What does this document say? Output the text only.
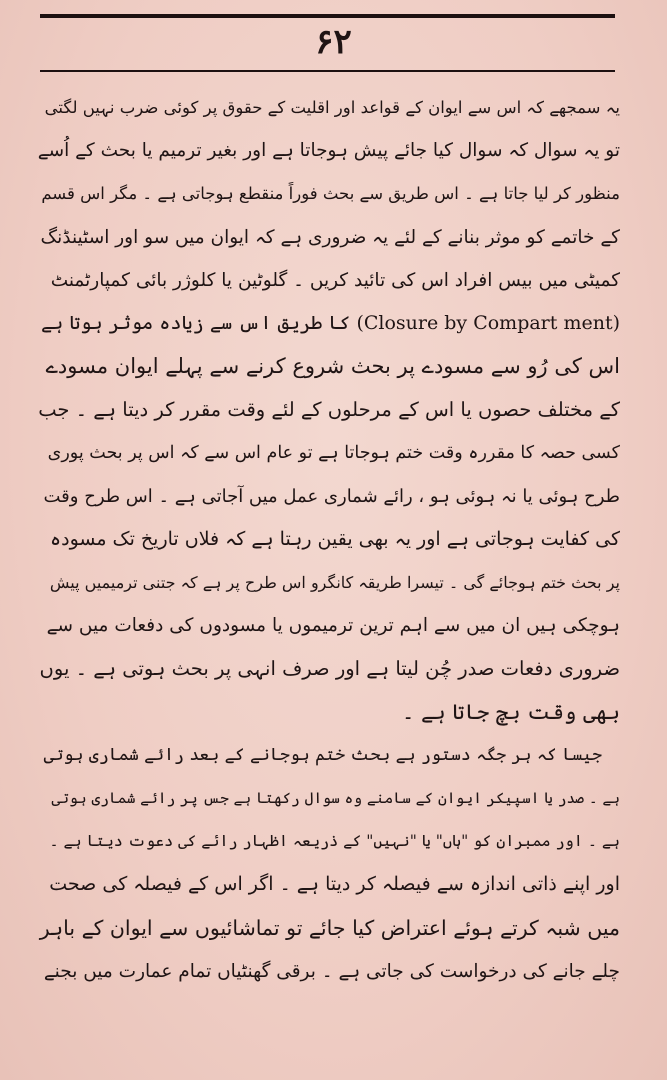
۶۲
یہ سمجھے کہ اس سے ایوان کے قواعد اور اقلیت کے حقوق پر کوئی ضرب نہیں لگتی
تو یہ سوال کہ سوال کیا جائے پیش ہوجاتا ہے اور بغیر ترمیم یا بحث کے اُسے
منظور کر لیا جاتا ہے ۔ اس طریق سے بحث فوراً منقطع ہوجاتی ہے ۔ مگر اس قسم
کے خاتمے کو موثر بنانے کے لئے یہ ضروری ہے کہ ایوان میں سو اور اسٹینڈنگ
کمیٹی میں بیس افراد اس کی تائید کریں ۔ گلوٹین یا کلوژر بائی کمپارٹمنٹ
(Closure by Compart ment) کا طریق اس سے زیادہ موثر ہوتا ہے
اس کی رُو سے مسودے پر بحث شروع کرنے سے پہلے ایوان مسودے
کے مختلف حصوں یا اس کے مرحلوں کے لئے وقت مقرر کر دیتا ہے ۔ جب
کسی حصہ کا مقررہ وقت ختم ہوجاتا ہے تو عام اس سے کہ اس پر بحث پوری
طرح ہوئی یا نہ ہوئی ہو ، رائے شماری عمل میں آجاتی ہے ۔ اس طرح وقت
کی کفایت ہوجاتی ہے اور یہ بھی یقین رہتا ہے کہ فلاں تاریخ تک مسودہ
پر بحث ختم ہوجائے گی ۔ تیسرا طریقہ کانگرو اس طرح پر ہے کہ جتنی ترمیمیں پیش
ہوچکی ہیں ان میں سے اہم ترین ترمیموں یا مسودوں کی دفعات میں سے
ضروری دفعات صدر چُن لیتا ہے اور صرف انہی پر بحث ہوتی ہے ۔ یوں
بھی وقت بچ جاتا ہے ۔
جیسا کہ ہر جگہ دستور ہے بحث ختم ہوجانے کے بعد رائے شماری ہوتی
ہے ۔ صدر یا اسپیکر ایوان کے سامنے وہ سوال رکھتا ہے جس پر رائے شماری ہوتی
ہے ۔ اور ممبران کو "ہاں" یا "نہیں" کے ذریعہ اظہار رائے کی دعوت دیتا ہے ۔
اور اپنے ذاتی اندازہ سے فیصلہ کر دیتا ہے ۔ اگر اس کے فیصلہ کی صحت
میں شبہ کرتے ہوئے اعتراض کیا جائے تو تماشائیوں سے ایوان کے باہر
چلے جانے کی درخواست کی جاتی ہے ۔ برقی گھنٹیاں تمام عمارت میں بجنے
